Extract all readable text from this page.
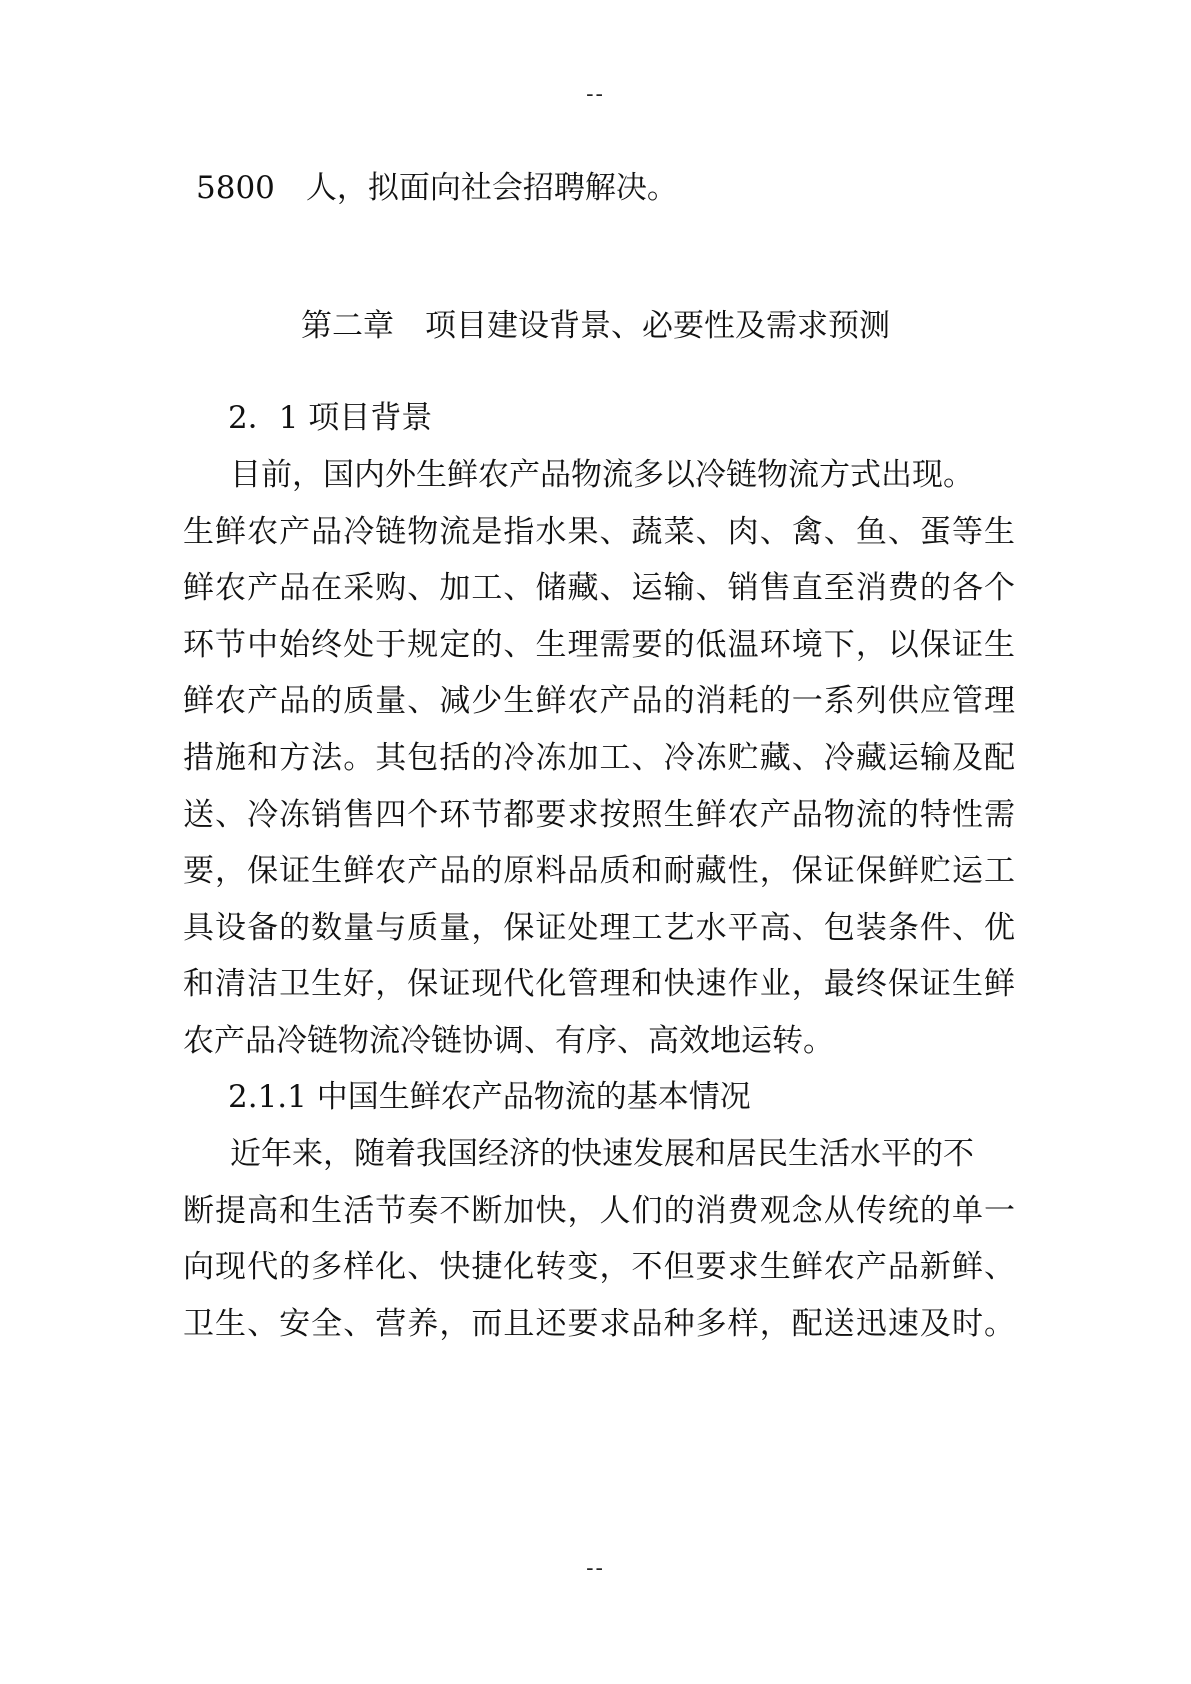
--
5800　人，拟面向社会招聘解决。
第二章　项目建设背景、必要性及需求预测
2．1 项目背景
目前，国内外生鲜农产品物流多以冷链物流方式出现。
生鲜农产品冷链物流是指水果、蔬菜、肉、禽、鱼、蛋等生
鲜农产品在采购、加工、储藏、运输、销售直至消费的各个
环节中始终处于规定的、生理需要的低温环境下，以保证生
鲜农产品的质量、减少生鲜农产品的消耗的一系列供应管理
措施和方法。其包括的冷冻加工、冷冻贮藏、冷藏运输及配
送、冷冻销售四个环节都要求按照生鲜农产品物流的特性需
要，保证生鲜农产品的原料品质和耐藏性，保证保鲜贮运工
具设备的数量与质量，保证处理工艺水平高、包装条件、优
和清洁卫生好，保证现代化管理和快速作业，最终保证生鲜
农产品冷链物流冷链协调、有序、高效地运转。
2.1.1 中国生鲜农产品物流的基本情况
近年来，随着我国经济的快速发展和居民生活水平的不
断提高和生活节奏不断加快，人们的消费观念从传统的单一
向现代的多样化、快捷化转变，不但要求生鲜农产品新鲜、
卫生、安全、营养，而且还要求品种多样，配送迅速及时。
--
